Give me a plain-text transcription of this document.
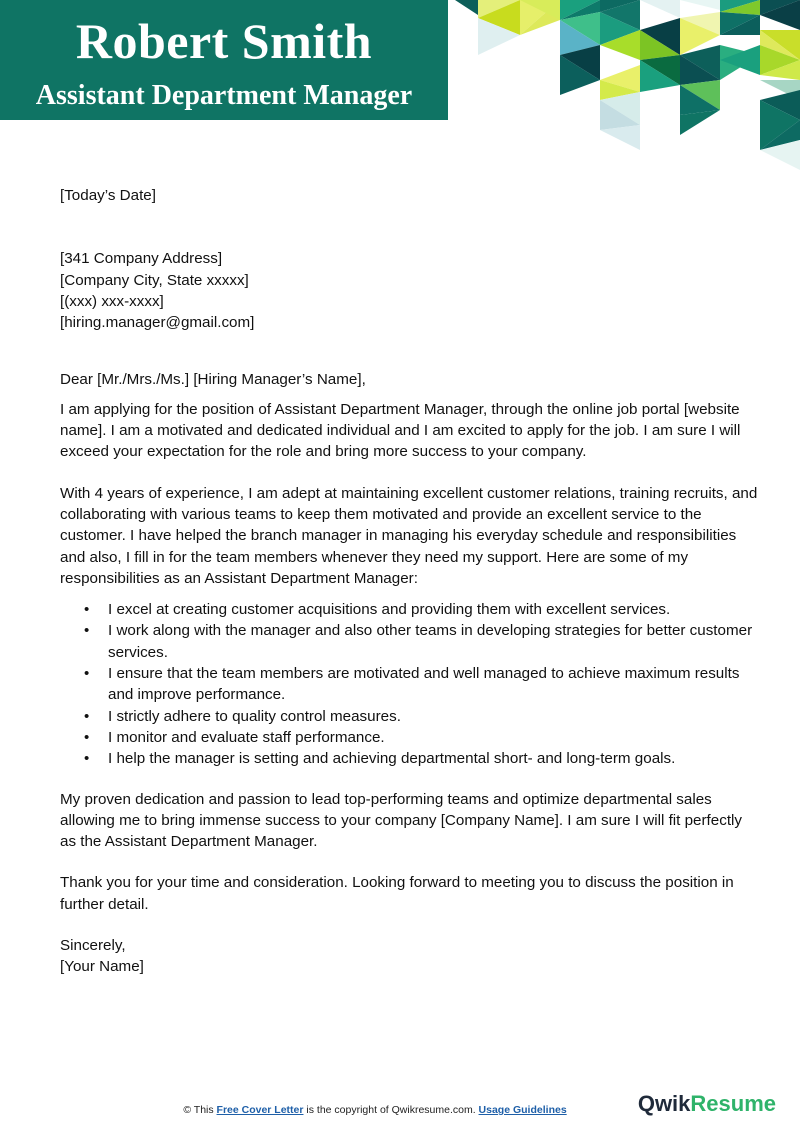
Robert Smith
Assistant Department Manager

[Today’s Date]

[341 Company Address]

[Company City, State xxxxx]

[(xxx) xxx-xxxx]

[hiring.manager@gmail.com]

Dear [Mr./Mrs./Ms.] [Hiring Manager’s Name],

I am applying for the position of Assistant Department Manager, through the online job portal [website name]. I am a motivated and dedicated individual and I am excited to apply for the job. I am sure I will exceed your expectation for the role and bring more success to your company.

With 4 years of experience, I am adept at maintaining excellent customer relations, training recruits, and collaborating with various teams to keep them motivated and provide an excellent service to the customer. I have helped the branch manager in managing his everyday schedule and responsibilities and also, I fill in for the team members whenever they need my support. Here are some of my responsibilities as an Assistant Department Manager:

• I excel at creating customer acquisitions and providing them with excellent services.
• I work along with the manager and also other teams in developing strategies for better customer services.
• I ensure that the team members are motivated and well managed to achieve maximum results and improve performance.
• I strictly adhere to quality control measures.
• I monitor and evaluate staff performance.
• I help the manager is setting and achieving departmental short- and long-term goals.

My proven dedication and passion to lead top-performing teams and optimize departmental sales allowing me to bring immense success to your company [Company Name]. I am sure I will fit perfectly as the Assistant Department Manager.

Thank you for your time and consideration. Looking forward to meeting you to discuss the position in further detail.

Sincerely,

[Your Name]

© This Free Cover Letter is the copyright of Qwikresume.com. Usage Guidelines	QwikResume
